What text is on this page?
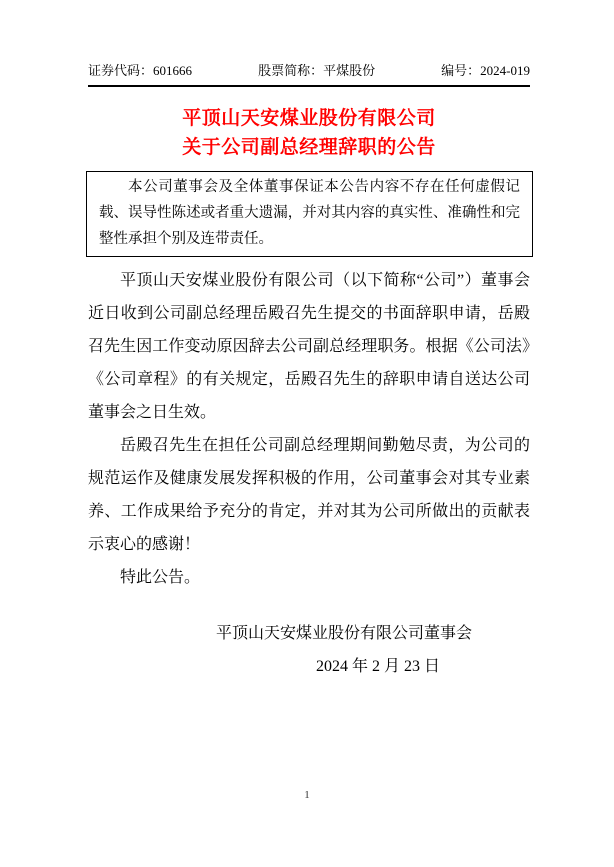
证券代码：601666	股票简称：平煤股份	编号：2024-019
平顶山天安煤业股份有限公司
关于公司副总经理辞职的公告

本公司董事会及全体董事保证本公告内容不存在任何虚假记载、误导性陈述或者重大遗漏，并对其内容的真实性、准确性和完整性承担个别及连带责任。

平顶山天安煤业股份有限公司（以下简称“公司”）董事会近日收到公司副总经理岳殿召先生提交的书面辞职申请，岳殿召先生因工作变动原因辞去公司副总经理职务。根据《公司法》《公司章程》的有关规定，岳殿召先生的辞职申请自送达公司董事会之日生效。

岳殿召先生在担任公司副总经理期间勤勉尽责，为公司的规范运作及健康发展发挥积极的作用，公司董事会对其专业素养、工作成果给予充分的肯定，并对其为公司所做出的贡献表示衷心的感谢！

特此公告。

平顶山天安煤业股份有限公司董事会
2024 年 2 月 23 日
1
